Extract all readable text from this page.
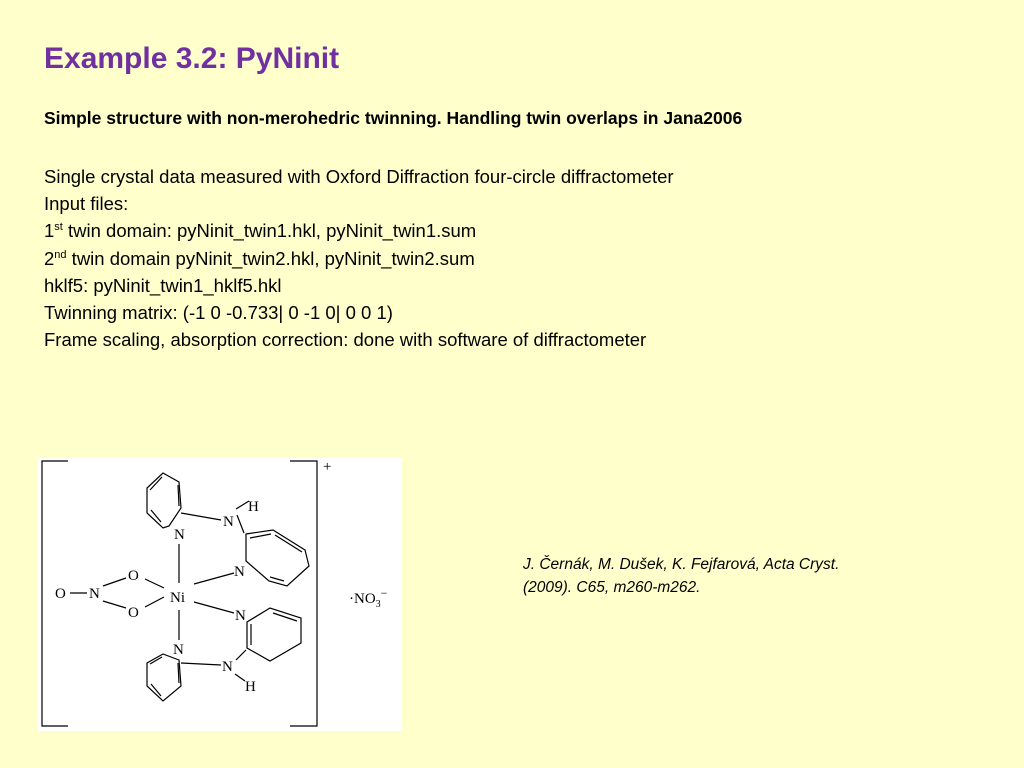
Example 3.2: PyNinit

Simple structure with non-merohedric twinning. Handling twin overlaps in Jana2006

Single crystal data measured with Oxford Diffraction four-circle diffractometer
Input files:
1st twin domain: pyNinit_twin1.hkl, pyNinit_twin1.sum
2nd twin domain pyNinit_twin2.hkl, pyNinit_twin2.sum
hklf5: pyNinit_twin1_hklf5.hkl
Twinning matrix: (-1 0 -0.733| 0 -1 0| 0 0 1)
Frame scaling, absorption correction: done with software of diffractometer
+
Ni
N
N
H
N
N
N
N
H
N
O
O
O
$\cdot NO_3^-$
J. Černák, M. Dušek, K. Fejfarová, Acta Cryst.
(2009). C65, m260-m262.
